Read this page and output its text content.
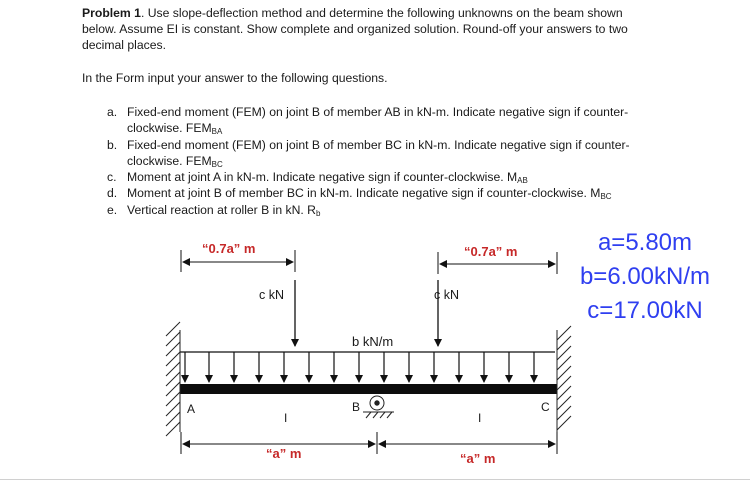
Problem 1. Use slope-deflection method and determine the following unknowns on the beam shown
below. Assume EI is constant. Show complete and organized solution. Round-off your answers to two
decimal places.
In the Form input your answer to the following questions.
a. Fixed-end moment (FEM) on joint B of member AB in kN-m. Indicate negative sign if counter-
clockwise. $FEM_{BA}$
b. Fixed-end moment (FEM) on joint B of member BC in kN-m. Indicate negative sign if counter-
clockwise. $FEM_{BC}$
c. Moment at joint A in kN-m. Indicate negative sign if counter-clockwise. $M_{AB}$
d. Moment at joint B of member BC in kN-m. Indicate negative sign if counter-clockwise. $M_{BC}$
e. Vertical reaction at roller B in kN. $R_b$
“0.7a” m	“0.7a” m
c kN	c kN
b kN/m
A	C
B
I	I
“a” m	“a” m
a=5.80m
b=6.00kN/m
c=17.00kN
